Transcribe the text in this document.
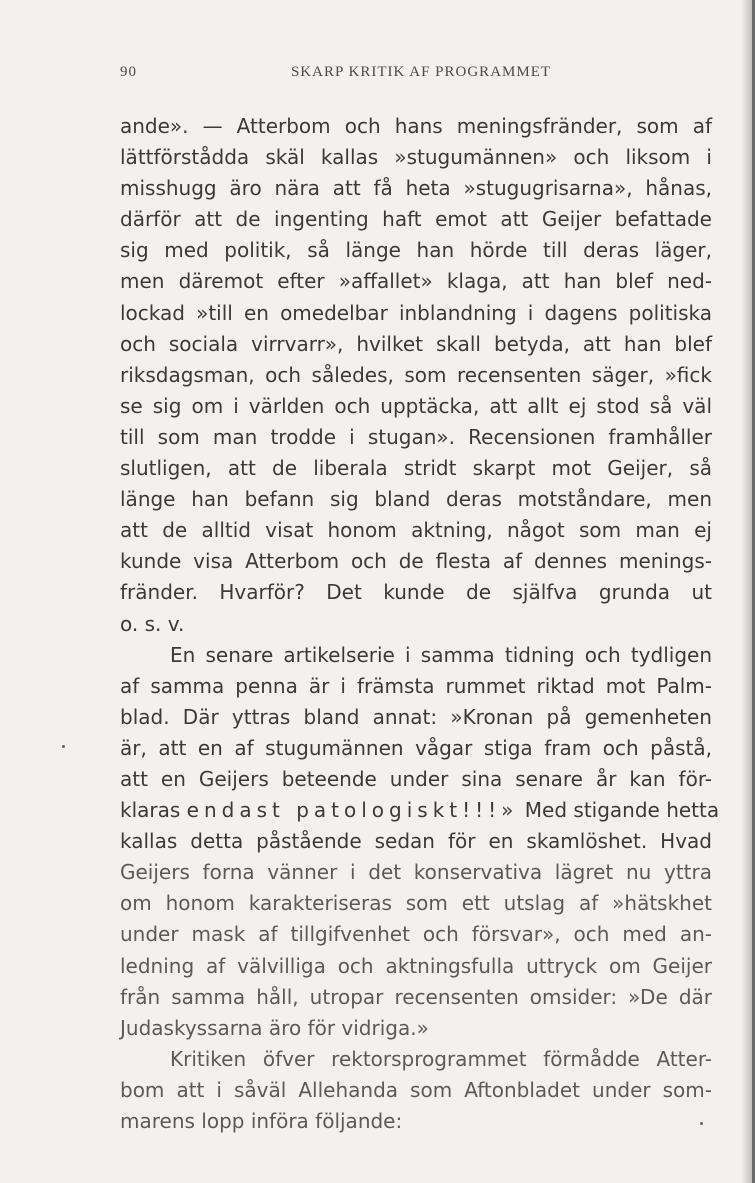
90	SKARP KRITIK AF PROGRAMMET
ande». — Atterbom och hans meningsfränder, som af
lättförstådda skäl kallas »stugumännen» och liksom i
misshugg äro nära att få heta »stugugrisarna», hånas,
därför att de ingenting haft emot att Geijer befattade
sig med politik, så länge han hörde till deras läger,
men däremot efter »affallet» klaga, att han blef ned-
lockad »till en omedelbar inblandning i dagens politiska
och sociala virrvarr», hvilket skall betyda, att han blef
riksdagsman, och således, som recensenten säger, »fick
se sig om i världen och upptäcka, att allt ej stod så väl
till som man trodde i stugan». Recensionen framhåller
slutligen, att de liberala stridt skarpt mot Geijer, så
länge han befann sig bland deras motståndare, men
att de alltid visat honom aktning, något som man ej
kunde visa Atterbom och de flesta af dennes menings-
fränder. Hvarför? Det kunde de själfva grunda ut
o. s. v.
En senare artikelserie i samma tidning och tydligen
af samma penna är i främsta rummet riktad mot Palm-
blad. Där yttras bland annat: »Kronan på gemenheten
är, att en af stugumännen vågar stiga fram och påstå,
att en Geijers beteende under sina senare år kan för-
klaras endast patologiskt!!!» Med stigande hetta
kallas detta påstående sedan för en skamlöshet. Hvad
Geijers forna vänner i det konservativa lägret nu yttra
om honom karakteriseras som ett utslag af »hätskhet
under mask af tillgifvenhet och försvar», och med an-
ledning af välvilliga och aktningsfulla uttryck om Geijer
från samma håll, utropar recensenten omsider: »De där
Judaskyssarna äro för vidriga.»
Kritiken öfver rektorsprogrammet förmådde Atter-
bom att i såväl Allehanda som Aftonbladet under som-
marens lopp införa följande:
